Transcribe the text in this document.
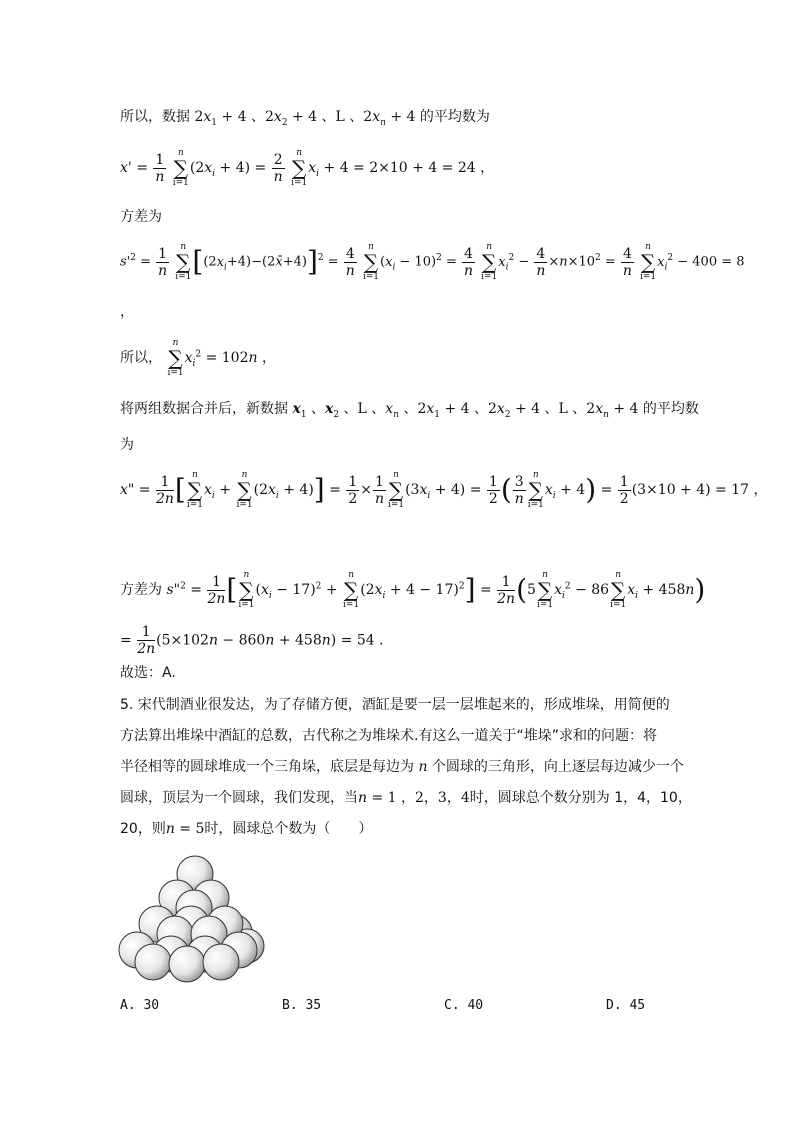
所以，数据 $2x_1 + 4$ 、$2x_2 + 4$ 、L 、$2x_n + 4$ 的平均数为
$x' = \frac{1}{n}$
	n
∑
i=1
$(2x_i + 4) = \frac{2}{n}$
	n
∑
i=1
$x_i + 4 = 2\times 10 + 4 = 24$ ，
方差为
$s'^2 = \frac{1}{n}$
	n
∑
i=1 $[(2x_i+4)-(2x̄+4)]^2 = \frac{4}{n}$
	n
∑
i=1
$(x_i - 10)^2 = \frac{4}{n}$
	n
∑
i=1
$x_i^2 - \frac{4}{n} \times n\times 10^2 = \frac{4}{n}$
	n
∑
i=1
$x_i^2 - 400 = 8$
，
所以，
n
∑
i=1
$x_i^2 = 102n$ ，
将两组数据合并后，新数据 $x_1$ 、$x_2$ 、L 、$x_n$ 、$2x_1 + 4$ 、$2x_2 + 4$ 、L 、$2x_n + 4$ 的平均数
为
x" = $\frac{1}{2n}$ [ n
∑
i=1
$x_i$ +
n
∑
i=1
$(2x_i + 4)] = \frac{1}{2} \times \frac{1}{n}$ n
∑
i=1
$(3x_i + 4) = \frac{1}{2}$ ( $\frac{3}{n}$ n
∑
i=1
$x_i + 4) = \frac{1}{2} (3\times 10 + 4) = 17$ ，
方差为 s"$^2$ = $\frac{1}{2n}$ [ n
∑
i=1
$(x_i - 17)^2$ +
n
∑
i=1
$(2x_i + 4 - 17)^2] = \frac{1}{2n} (5$
n
∑
i=1
$x_i^2 - 86$
n
∑
i=1
$x_i + 458n$)
= $\frac{1}{2n} (5\times 102n - 860n + 458n) = 54$ .
故选：A.
5. 宋代制酒业很发达，为了存储方便，酒缸是要一层一层堆起来的，形成堆垛，用简便的
方法算出堆垛中酒缸的总数，古代称之为堆垛术.有这么一道关于“堆垛”求和的问题：将
半径相等的圆球堆成一个三角垛，底层是每边为 n 个圆球的三角形，向上逐层每边减少一个
圆球，顶层为一个圆球，我们发现，当n = 1 ，2，3，4时，圆球总个数分别为 1，4，10，
20，则n = 5时，圆球总个数为（　　）
A. 30	B. 35	C. 40	D. 45
